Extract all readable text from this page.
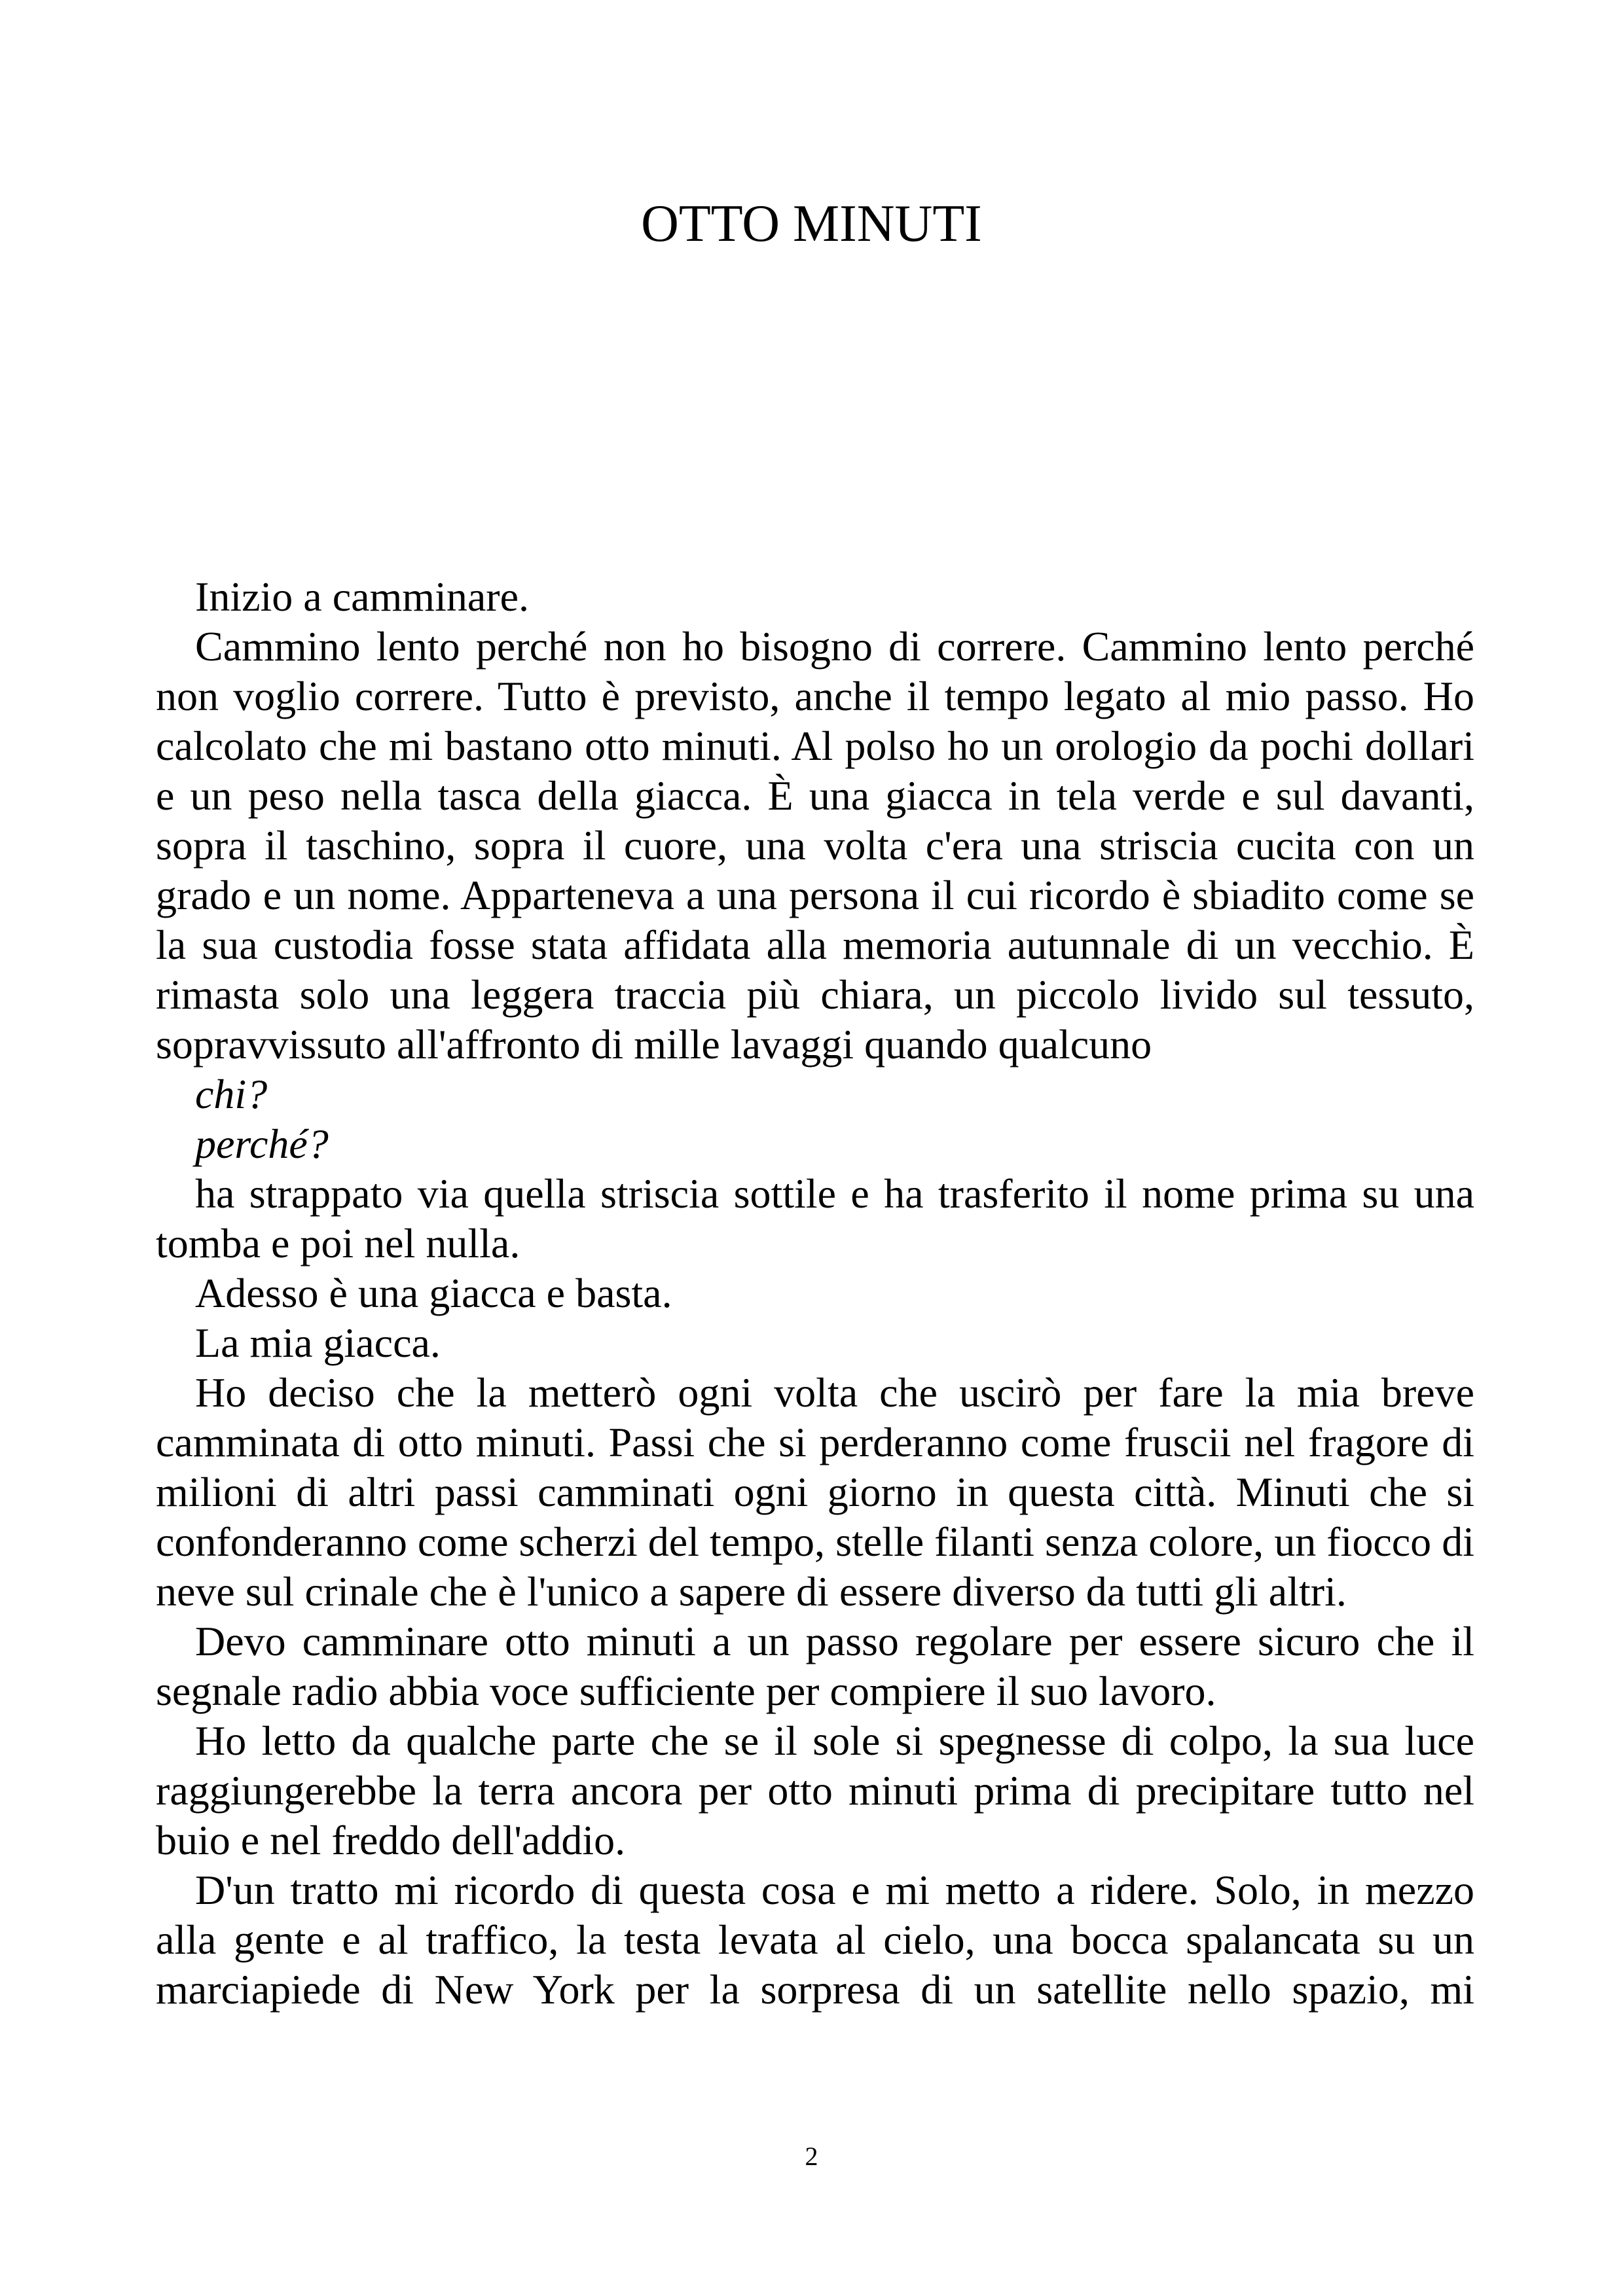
OTTO MINUTI

Inizio a camminare.

Cammino lento perché non ho bisogno di correre. Cammino lento perché non voglio correre. Tutto è previsto, anche il tempo legato al mio passo. Ho calcolato che mi bastano otto minuti. Al polso ho un orologio da pochi dollari e un peso nella tasca della giacca. È una giacca in tela verde e sul davanti, sopra il taschino, sopra il cuore, una volta c'era una striscia cucita con un grado e un nome. Apparteneva a una persona il cui ricordo è sbiadito come se la sua custodia fosse stata affidata alla memoria autunnale di un vecchio. È rimasta solo una leggera traccia più chiara, un piccolo livido sul tessuto, sopravvissuto all'affronto di mille lavaggi quando qualcuno

chi?

perché?

ha strappato via quella striscia sottile e ha trasferito il nome prima su una tomba e poi nel nulla.

Adesso è una giacca e basta.

La mia giacca.

Ho deciso che la metterò ogni volta che uscirò per fare la mia breve camminata di otto minuti. Passi che si perderanno come fruscii nel fragore di milioni di altri passi camminati ogni giorno in questa città. Minuti che si confonderanno come scherzi del tempo, stelle filanti senza colore, un fiocco di neve sul crinale che è l'unico a sapere di essere diverso da tutti gli altri.

Devo camminare otto minuti a un passo regolare per essere sicuro che il segnale radio abbia voce sufficiente per compiere il suo lavoro.

Ho letto da qualche parte che se il sole si spegnesse di colpo, la sua luce raggiungerebbe la terra ancora per otto minuti prima di precipitare tutto nel buio e nel freddo dell'addio.

D'un tratto mi ricordo di questa cosa e mi metto a ridere. Solo, in mezzo alla gente e al traffico, la testa levata al cielo, una bocca spalancata su un marciapiede di New York per la sorpresa di un satellite nello spazio, mi

2
